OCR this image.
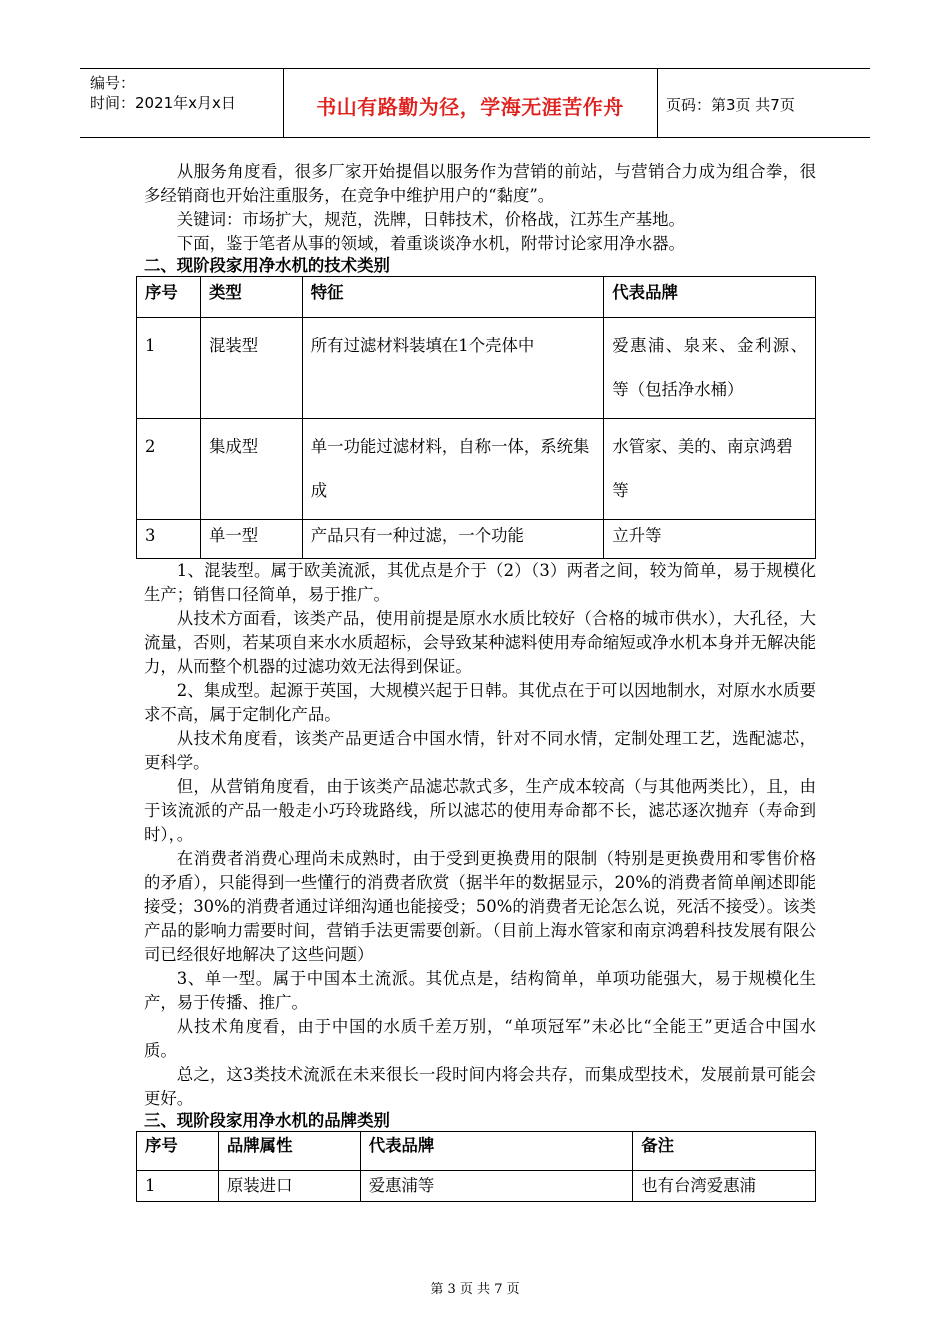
编号：
时间：2021年x月x日	书山有路勤为径，学海无涯苦作舟	页码：第3页 共7页

从服务角度看，很多厂家开始提倡以服务作为营销的前站，与营销合力成为组合拳，很多经销商也开始注重服务，在竞争中维护用户的“黏度”。

关键词：市场扩大，规范，洗牌，日韩技术，价格战，江苏生产基地。

下面，鉴于笔者从事的领域，着重谈谈净水机，附带讨论家用净水器。

二、现阶段家用净水机的技术类别
序号	类型	特征	代表品牌
1	混装型	所有过滤材料装填在1个壳体中	爱惠浦、泉来、金利源、等（包括净水桶）
2	集成型	单一功能过滤材料，自称一体，系统集成	水管家、美的、南京鸿碧等
3	单一型	产品只有一种过滤，一个功能	立升等

1、混装型。属于欧美流派，其优点是介于（2）（3）两者之间，较为简单，易于规模化生产；销售口径简单，易于推广。

从技术方面看，该类产品，使用前提是原水水质比较好（合格的城市供水），大孔径，大流量，否则，若某项自来水水质超标，会导致某种滤料使用寿命缩短或净水机本身并无解决能力，从而整个机器的过滤功效无法得到保证。

2、集成型。起源于英国，大规模兴起于日韩。其优点在于可以因地制水，对原水水质要求不高，属于定制化产品。

从技术角度看，该类产品更适合中国水情，针对不同水情，定制处理工艺，选配滤芯，更科学。

但，从营销角度看，由于该类产品滤芯款式多，生产成本较高（与其他两类比），且，由于该流派的产品一般走小巧玲珑路线，所以滤芯的使用寿命都不长，滤芯逐次抛弃（寿命到时），。

在消费者消费心理尚未成熟时，由于受到更换费用的限制（特别是更换费用和零售价格的矛盾），只能得到一些懂行的消费者欣赏（据半年的数据显示，20%的消费者简单阐述即能接受；30%的消费者通过详细沟通也能接受；50%的消费者无论怎么说，死活不接受）。该类产品的影响力需要时间，营销手法更需要创新。（目前上海水管家和南京鸿碧科技发展有限公司已经很好地解决了这些问题）

3、单一型。属于中国本土流派。其优点是，结构简单，单项功能强大，易于规模化生产，易于传播、推广。

从技术角度看，由于中国的水质千差万别，“单项冠军”未必比“全能王”更适合中国水质。

总之，这3类技术流派在未来很长一段时间内将会共存，而集成型技术，发展前景可能会更好。

三、现阶段家用净水机的品牌类别
序号	品牌属性	代表品牌	备注
1	原装进口	爱惠浦等	也有台湾爱惠浦
第 3 页 共 7 页
